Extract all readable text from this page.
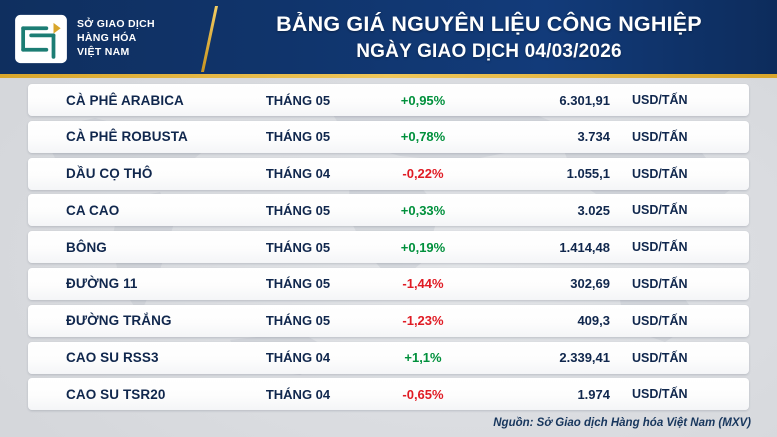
SỞ GIAO DỊCH
HÀNG HÓA
VIỆT NAM
BẢNG GIÁ NGUYÊN LIỆU CÔNG NGHIỆP
NGÀY GIAO DỊCH 04/03/2026
CÀ PHÊ ARABICA	THÁNG 05	+0,95%	6.301,91	USD/TẤN
CÀ PHÊ ROBUSTA	THÁNG 05	+0,78%	3.734	USD/TẤN
DẦU CỌ THÔ	THÁNG 04	-0,22%	1.055,1	USD/TẤN
CA CAO	THÁNG 05	+0,33%	3.025	USD/TẤN
BÔNG	THÁNG 05	+0,19%	1.414,48	USD/TẤN
ĐƯỜNG 11	THÁNG 05	-1,44%	302,69	USD/TẤN
ĐƯỜNG TRẮNG	THÁNG 05	-1,23%	409,3	USD/TẤN
CAO SU RSS3	THÁNG 04	+1,1%	2.339,41	USD/TẤN
CAO SU TSR20	THÁNG 04	-0,65%	1.974	USD/TẤN
Nguồn: Sở Giao dịch Hàng hóa Việt Nam (MXV)
